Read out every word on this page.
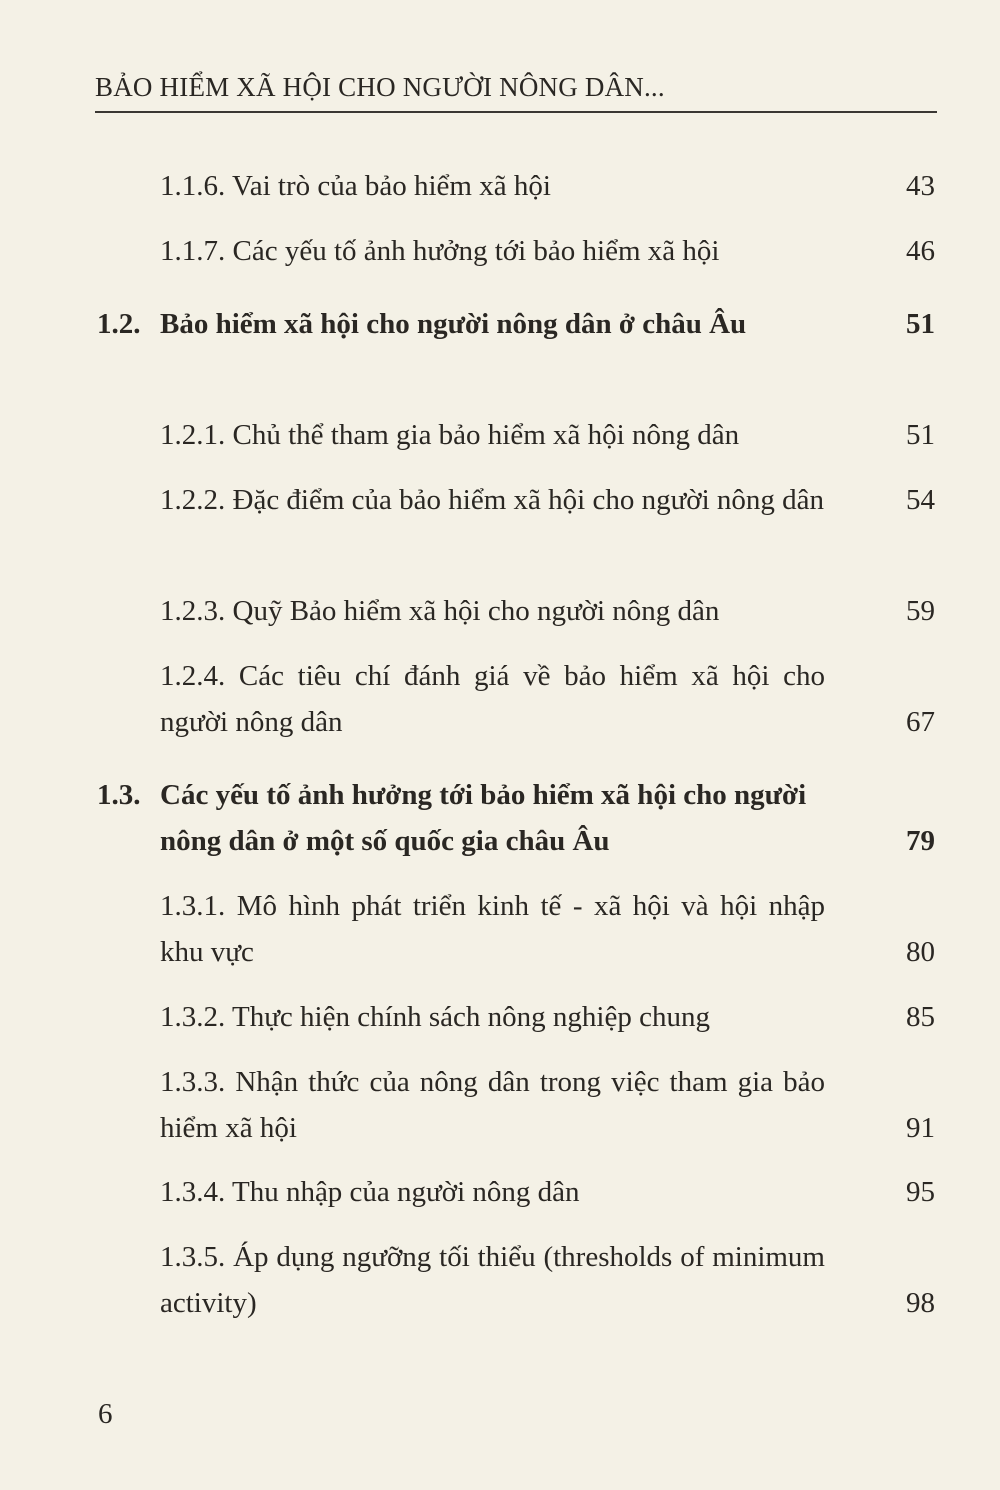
BẢO HIỂM XÃ HỘI CHO NGƯỜI NÔNG DÂN...
1.1.6. Vai trò của bảo hiểm xã hội	43
1.1.7. Các yếu tố ảnh hưởng tới bảo hiểm xã hội	46
1.2. Bảo hiểm xã hội cho người nông dân ở châu Âu	51
1.2.1. Chủ thể tham gia bảo hiểm xã hội nông dân	51
1.2.2. Đặc điểm của bảo hiểm xã hội cho người nông dân	54
1.2.3. Quỹ Bảo hiểm xã hội cho người nông dân	59
1.2.4. Các tiêu chí đánh giá về bảo hiểm xã hội cho người nông dân	67
1.3. Các yếu tố ảnh hưởng tới bảo hiểm xã hội cho người nông dân ở một số quốc gia châu Âu	79
1.3.1. Mô hình phát triển kinh tế - xã hội và hội nhập khu vực	80
1.3.2. Thực hiện chính sách nông nghiệp chung	85
1.3.3. Nhận thức của nông dân trong việc tham gia bảo hiểm xã hội	91
1.3.4. Thu nhập của người nông dân	95
1.3.5. Áp dụng ngưỡng tối thiểu (thresholds of minimum activity)	98
6
